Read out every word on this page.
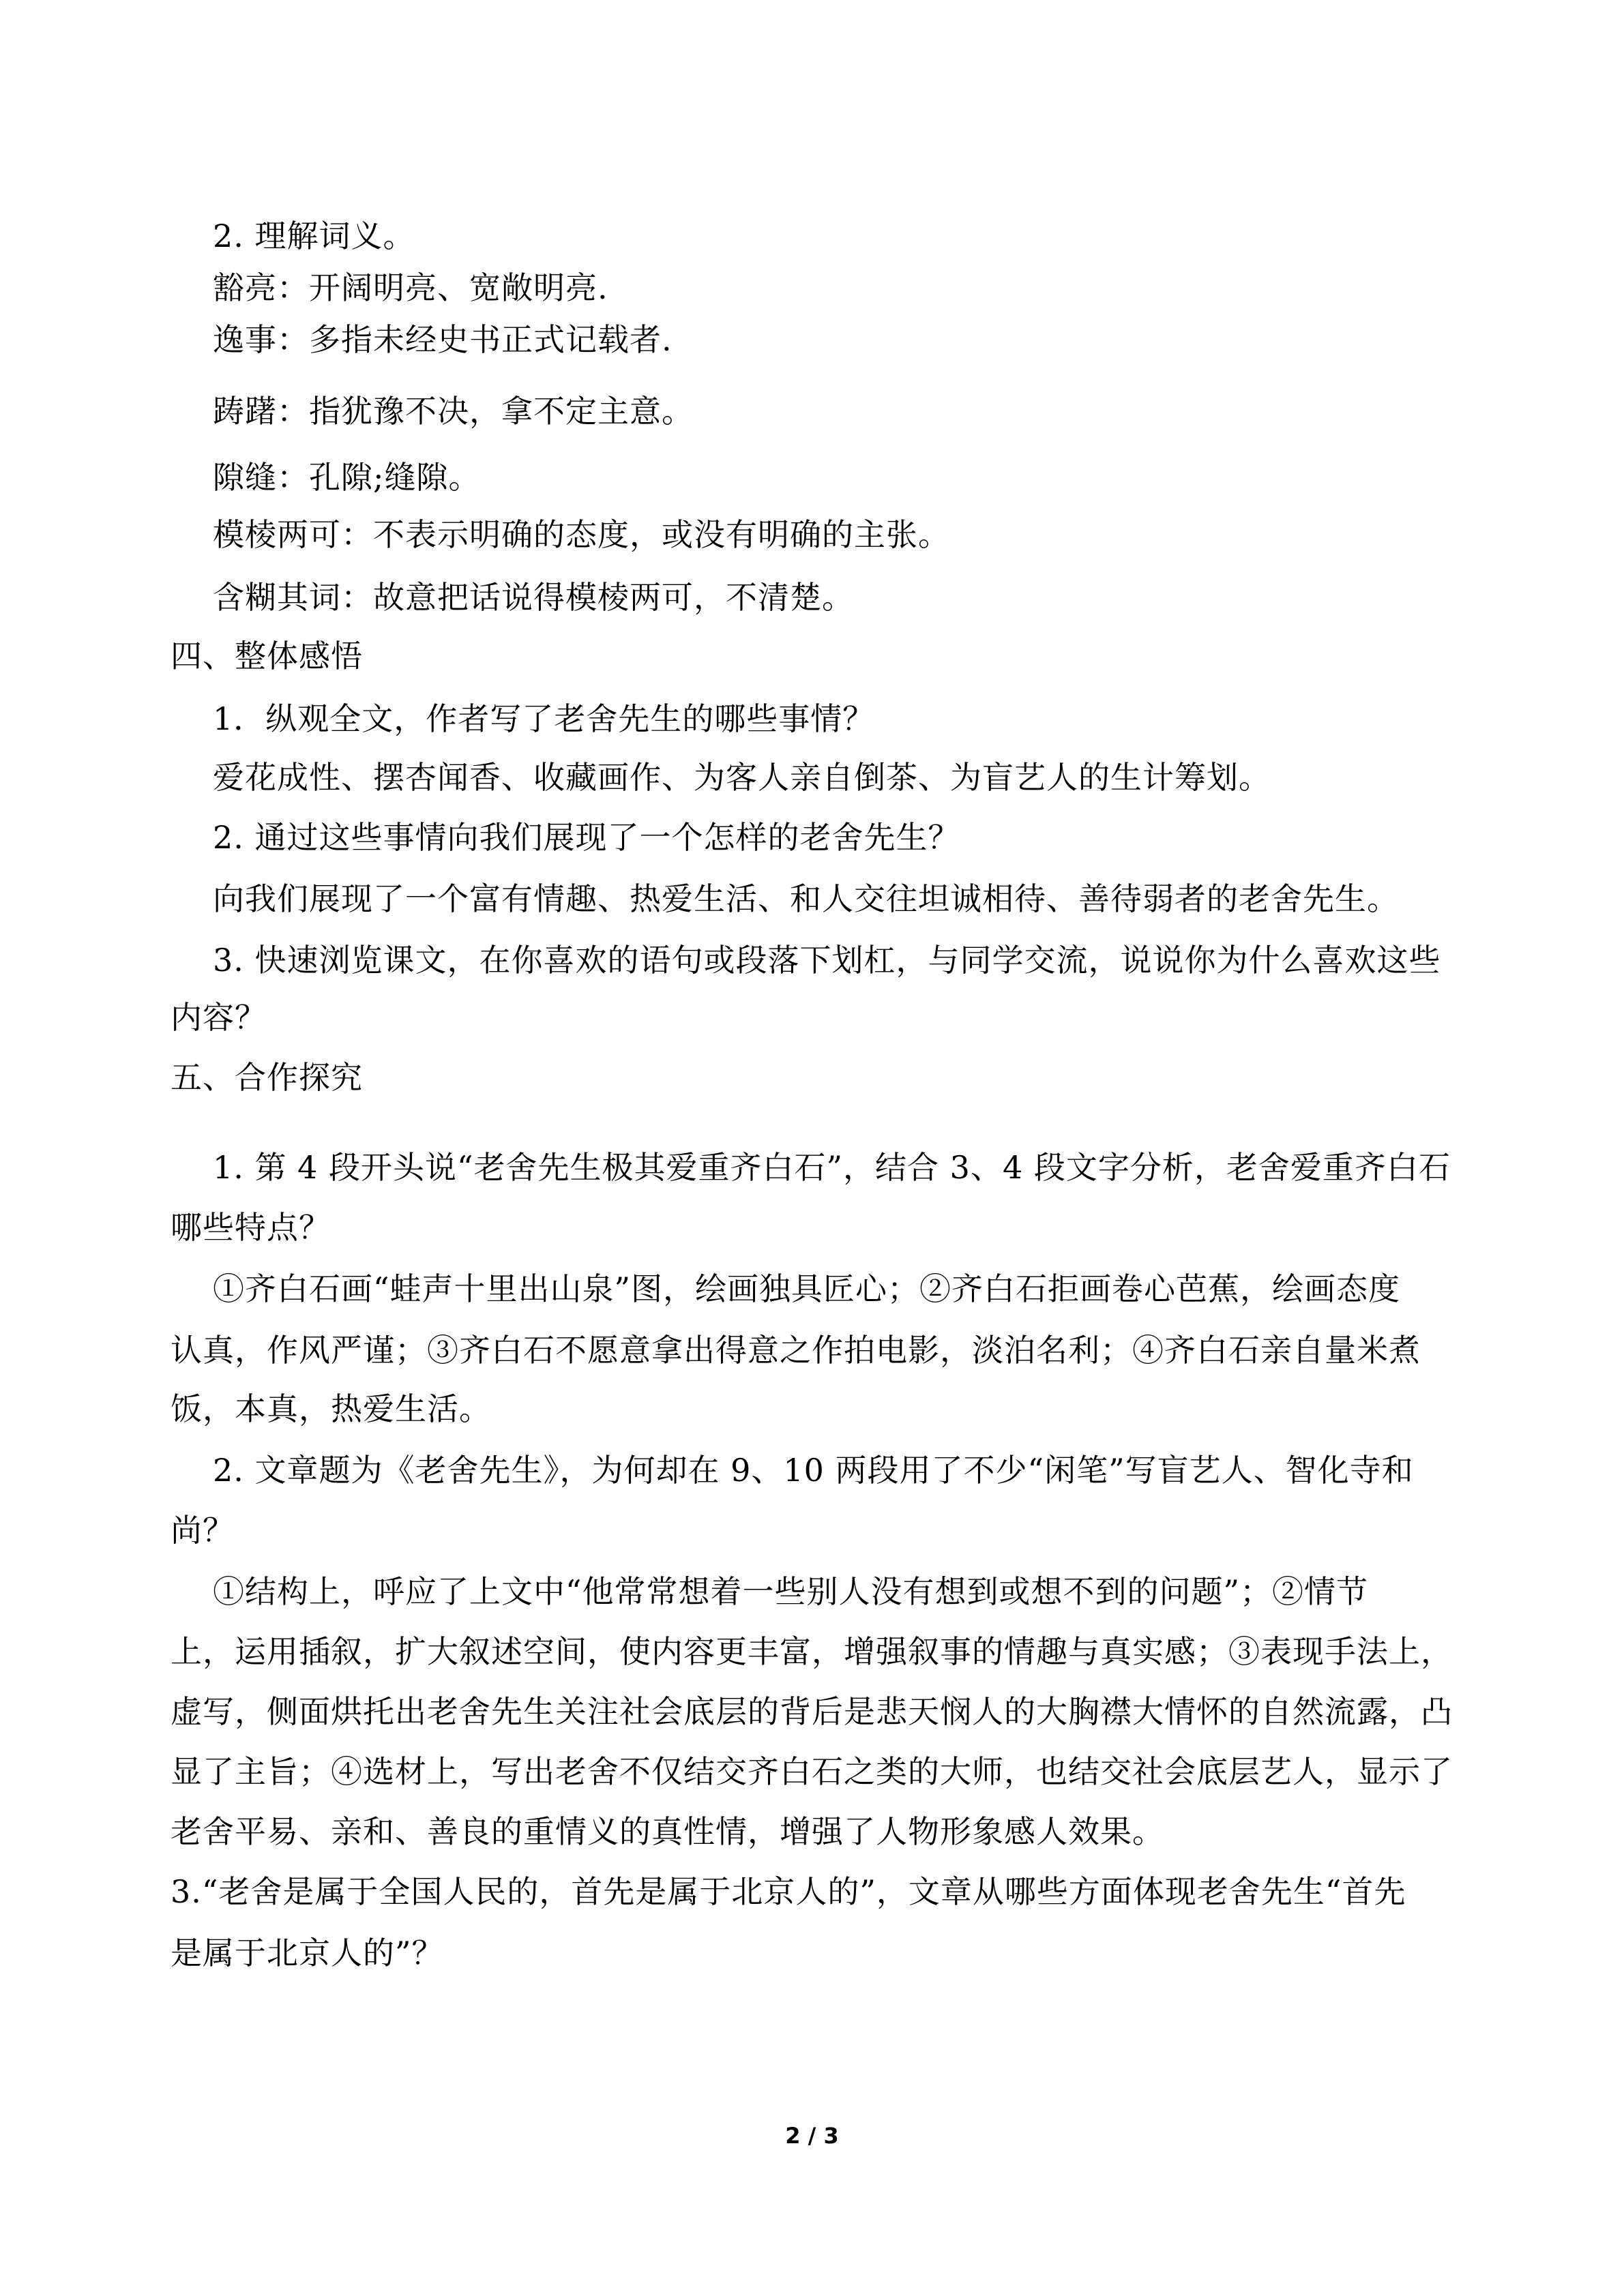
2. 理解词义。
豁亮：开阔明亮、宽敞明亮.
逸事：多指未经史书正式记载者.
踌躇：指犹豫不决，拿不定主意。
隙缝：孔隙;缝隙。
模棱两可：不表示明确的态度，或没有明确的主张。
含糊其词：故意把话说得模棱两可，不清楚。
四、整体感悟
1．纵观全文，作者写了老舍先生的哪些事情？
爱花成性、摆杏闻香、收藏画作、为客人亲自倒茶、为盲艺人的生计筹划。
2. 通过这些事情向我们展现了一个怎样的老舍先生？
向我们展现了一个富有情趣、热爱生活、和人交往坦诚相待、善待弱者的老舍先生。
3. 快速浏览课文，在你喜欢的语句或段落下划杠，与同学交流，说说你为什么喜欢这些
内容？
五、合作探究
1. 第 4 段开头说“老舍先生极其爱重齐白石”，结合 3、4 段文字分析，老舍爱重齐白石
哪些特点？
①齐白石画“蛙声十里出山泉”图，绘画独具匠心；②齐白石拒画卷心芭蕉，绘画态度
认真，作风严谨；③齐白石不愿意拿出得意之作拍电影，淡泊名利；④齐白石亲自量米煮
饭，本真，热爱生活。
2. 文章题为《老舍先生》，为何却在 9、10 两段用了不少“闲笔”写盲艺人、智化寺和
尚？
①结构上，呼应了上文中“他常常想着一些别人没有想到或想不到的问题”；②情节
上，运用插叙，扩大叙述空间，使内容更丰富，增强叙事的情趣与真实感；③表现手法上，
虚写，侧面烘托出老舍先生关注社会底层的背后是悲天悯人的大胸襟大情怀的自然流露，凸
显了主旨；④选材上，写出老舍不仅结交齐白石之类的大师，也结交社会底层艺人，显示了
老舍平易、亲和、善良的重情义的真性情，增强了人物形象感人效果。
3.“老舍是属于全国人民的，首先是属于北京人的”，文章从哪些方面体现老舍先生“首先
是属于北京人的”？
2 / 3
